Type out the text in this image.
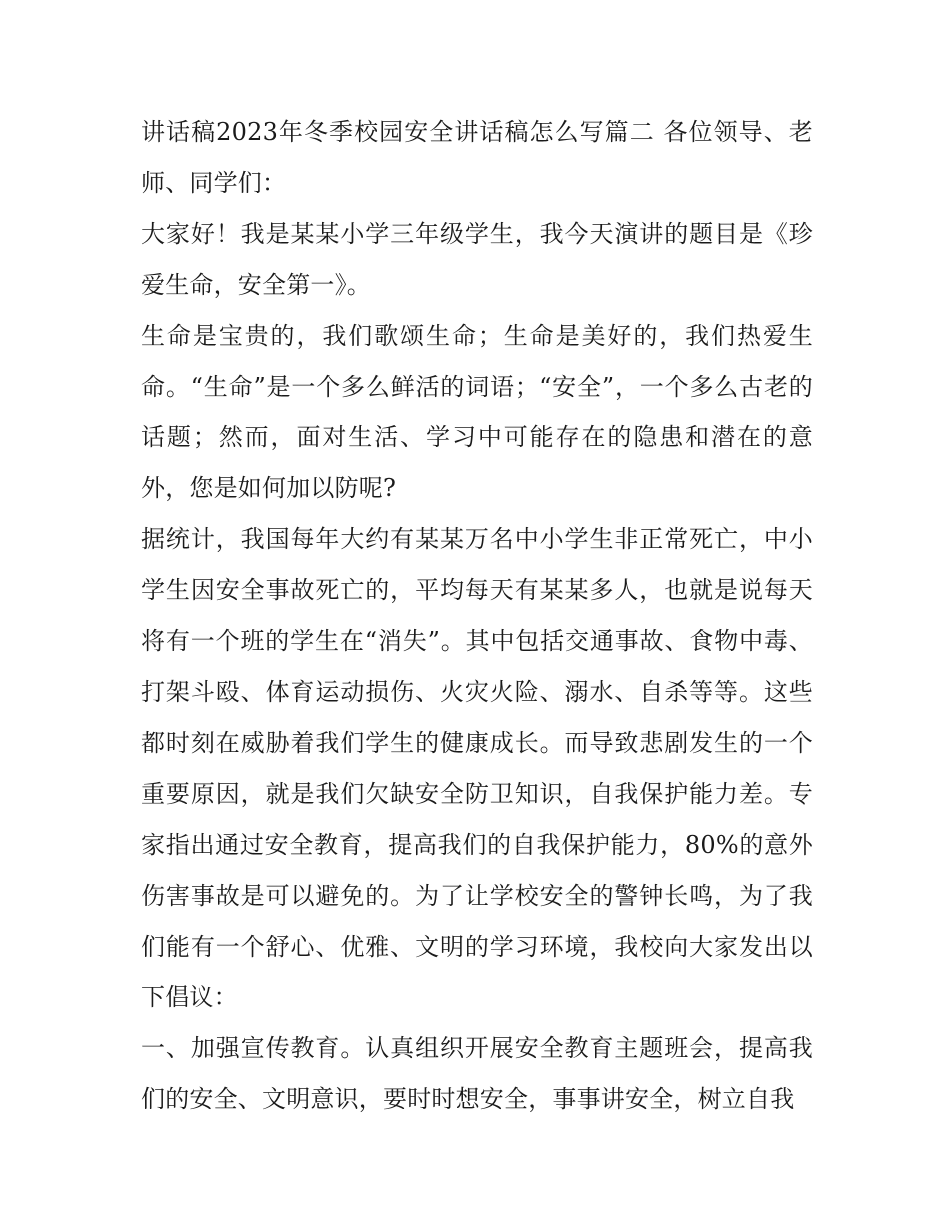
讲话稿2023年冬季校园安全讲话稿怎么写篇二 各位领导、老师、同学们：

大家好！我是某某小学三年级学生，我今天演讲的题目是《珍爱生命，安全第一》。

生命是宝贵的，我们歌颂生命；生命是美好的，我们热爱生命。“生命”是一个多么鲜活的词语；“安全”，一个多么古老的话题；然而，面对生活、学习中可能存在的隐患和潜在的意外，您是如何加以防呢?

据统计，我国每年大约有某某万名中小学生非正常死亡，中小学生因安全事故死亡的，平均每天有某某多人，也就是说每天将有一个班的学生在“消失”。其中包括交通事故、食物中毒、打架斗殴、体育运动损伤、火灾火险、溺水、自杀等等。这些都时刻在威胁着我们学生的健康成长。而导致悲剧发生的一个重要原因，就是我们欠缺安全防卫知识，自我保护能力差。专家指出通过安全教育，提高我们的自我保护能力，80%的意外伤害事故是可以避免的。为了让学校安全的警钟长鸣，为了我们能有一个舒心、优雅、文明的学习环境，我校向大家发出以下倡议：

一、加强宣传教育。认真组织开展安全教育主题班会，提高我们的安全、文明意识，要时时想安全，事事讲安全，树立自我
